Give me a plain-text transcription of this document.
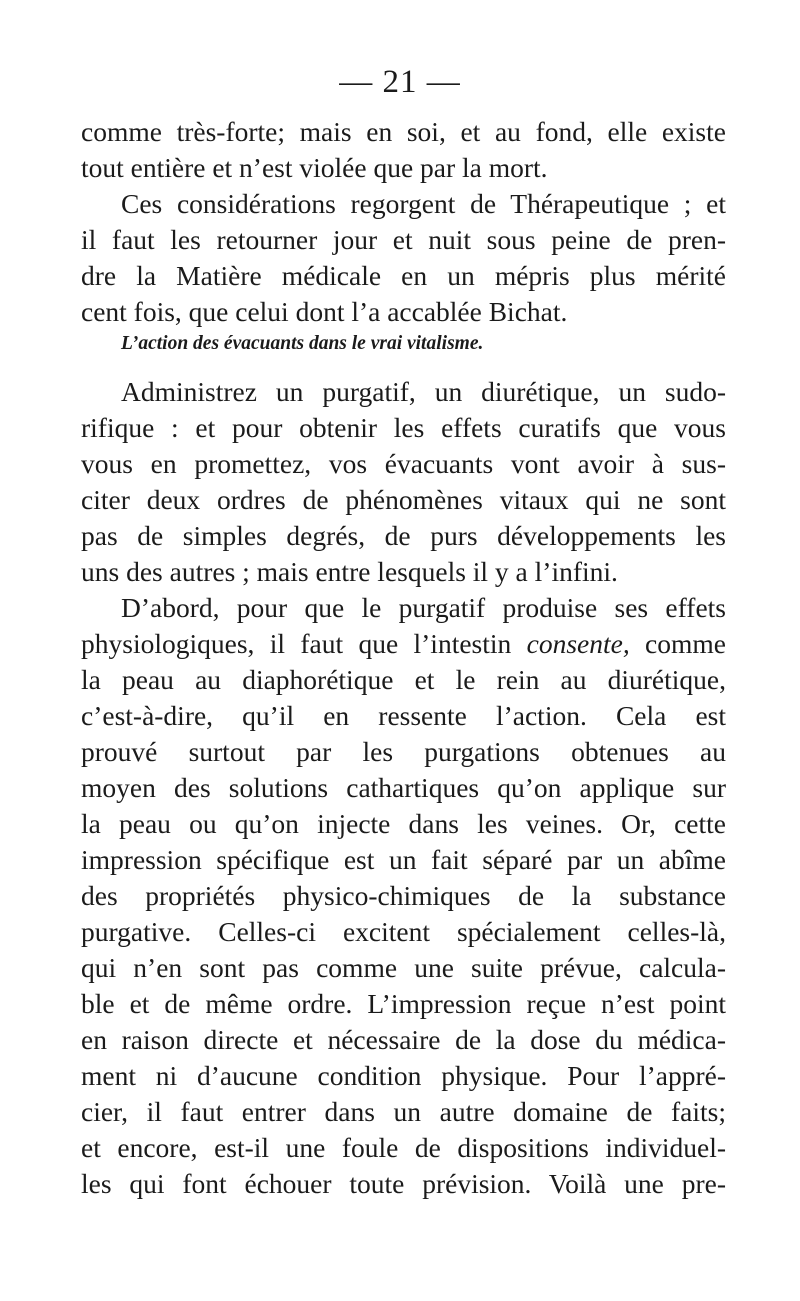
— 21 —
comme très-forte; mais en soi, et au fond, elle existe
tout entière et n’est violée que par la mort.
Ces considérations regorgent de Thérapeutique ; et
il faut les retourner jour et nuit sous peine de pren-
dre la Matière médicale en un mépris plus mérité
cent fois, que celui dont l’a accablée Bichat.
L’action des évacuants dans le vrai vitalisme.
Administrez un purgatif, un diurétique, un sudo-
rifique : et pour obtenir les effets curatifs que vous
vous en promettez, vos évacuants vont avoir à sus-
citer deux ordres de phénomènes vitaux qui ne sont
pas de simples degrés, de purs développements les
uns des autres ; mais entre lesquels il y a l’infini.
D’abord, pour que le purgatif produise ses effets
physiologiques, il faut que l’intestin consente, comme
la peau au diaphorétique et le rein au diurétique,
c’est-à-dire, qu’il en ressente l’action. Cela est
prouvé surtout par les purgations obtenues au
moyen des solutions cathartiques qu’on applique sur
la peau ou qu’on injecte dans les veines. Or, cette
impression spécifique est un fait séparé par un abîme
des propriétés physico-chimiques de la substance
purgative. Celles-ci excitent spécialement celles-là,
qui n’en sont pas comme une suite prévue, calcula-
ble et de même ordre. L’impression reçue n’est point
en raison directe et nécessaire de la dose du médica-
ment ni d’aucune condition physique. Pour l’appré-
cier, il faut entrer dans un autre domaine de faits;
et encore, est-il une foule de dispositions individuel-
les qui font échouer toute prévision. Voilà une pre-
